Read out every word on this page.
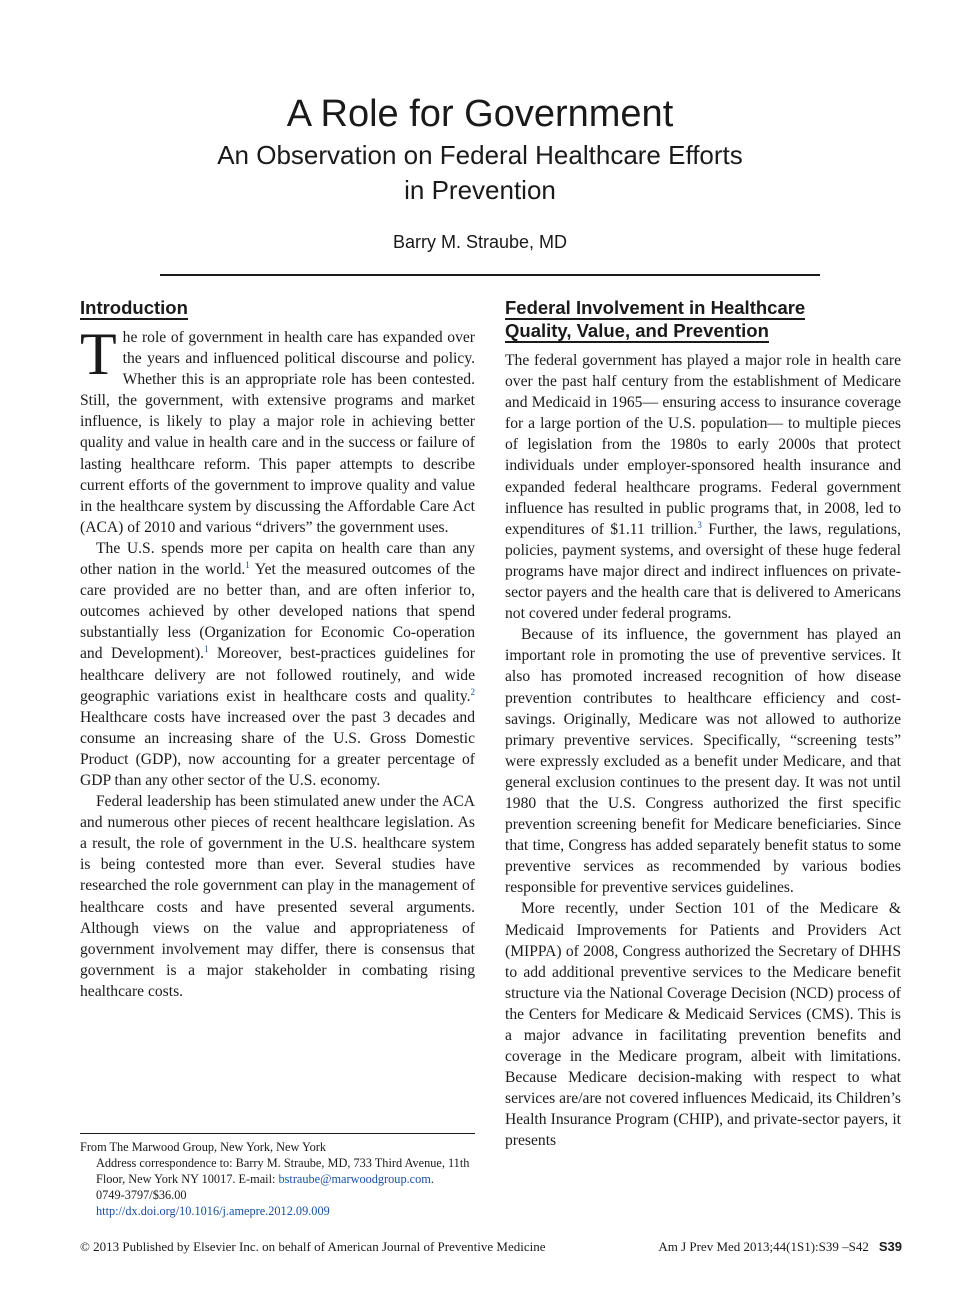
A Role for Government
An Observation on Federal Healthcare Efforts
in Prevention
Barry M. Straube, MD
Introduction

The role of government in health care has expanded over the years and influenced political discourse and policy. Whether this is an appropriate role has been contested. Still, the government, with extensive programs and market influence, is likely to play a major role in achieving better quality and value in health care and in the success or failure of lasting healthcare reform. This paper attempts to describe current efforts of the government to improve quality and value in the healthcare system by discussing the Affordable Care Act (ACA) of 2010 and various “drivers” the government uses.

The U.S. spends more per capita on health care than any other nation in the world.$^1$ Yet the measured outcomes of the care provided are no better than, and are often inferior to, outcomes achieved by other developed nations that spend substantially less (Organization for Economic Co-operation and Development).$^1$ Moreover, best-practices guidelines for healthcare delivery are not followed routinely, and wide geographic variations exist in healthcare costs and quality.$^2$ Healthcare costs have increased over the past 3 decades and consume an increasing share of the U.S. Gross Domestic Product (GDP), now accounting for a greater percentage of GDP than any other sector of the U.S. economy.

Federal leadership has been stimulated anew under the ACA and numerous other pieces of recent healthcare legislation. As a result, the role of government in the U.S. healthcare system is being contested more than ever. Several studies have researched the role government can play in the management of healthcare costs and have presented several arguments. Although views on the value and appropriateness of government involvement may differ, there is consensus that government is a major stakeholder in combating rising healthcare costs.

Federal Involvement in Healthcare
Quality, Value, and Prevention

The federal government has played a major role in health care over the past half century from the establishment of Medicare and Medicaid in 1965— ensuring access to insurance coverage for a large portion of the U.S. population— to multiple pieces of legislation from the 1980s to early 2000s that protect individuals under employer-sponsored health insurance and expanded federal healthcare programs. Federal government influence has resulted in public programs that, in 2008, led to expenditures of $1.11 trillion.$^3$ Further, the laws, regulations, policies, payment systems, and oversight of these huge federal programs have major direct and indirect influences on private-sector payers and the health care that is delivered to Americans not covered under federal programs.

Because of its influence, the government has played an important role in promoting the use of preventive services. It also has promoted increased recognition of how disease prevention contributes to healthcare efficiency and cost-savings. Originally, Medicare was not allowed to authorize primary preventive services. Specifically, “screening tests” were expressly excluded as a benefit under Medicare, and that general exclusion continues to the present day. It was not until 1980 that the U.S. Congress authorized the first specific prevention screening benefit for Medicare beneficiaries. Since that time, Congress has added separately benefit status to some preventive services as recommended by various bodies responsible for preventive services guidelines.

More recently, under Section 101 of the Medicare & Medicaid Improvements for Patients and Providers Act (MIPPA) of 2008, Congress authorized the Secretary of DHHS to add additional preventive services to the Medicare benefit structure via the National Coverage Decision (NCD) process of the Centers for Medicare & Medicaid Services (CMS). This is a major advance in facilitating prevention benefits and coverage in the Medicare program, albeit with limitations. Because Medicare decision-making with respect to what services are/are not covered influences Medicaid, its Children’s Health Insurance Program (CHIP), and private-sector payers, it presents

From The Marwood Group, New York, New York
Address correspondence to: Barry M. Straube, MD, 733 Third Avenue, 11th Floor, New York NY 10017. E-mail: bstraube@marwoodgroup.com.
0749-3797/$36.00
http://dx.doi.org/10.1016/j.amepre.2012.09.009
© 2013 Published by Elsevier Inc. on behalf of American Journal of Preventive Medicine	Am J Prev Med 2013;44(1S1):S39 –S42 S39
